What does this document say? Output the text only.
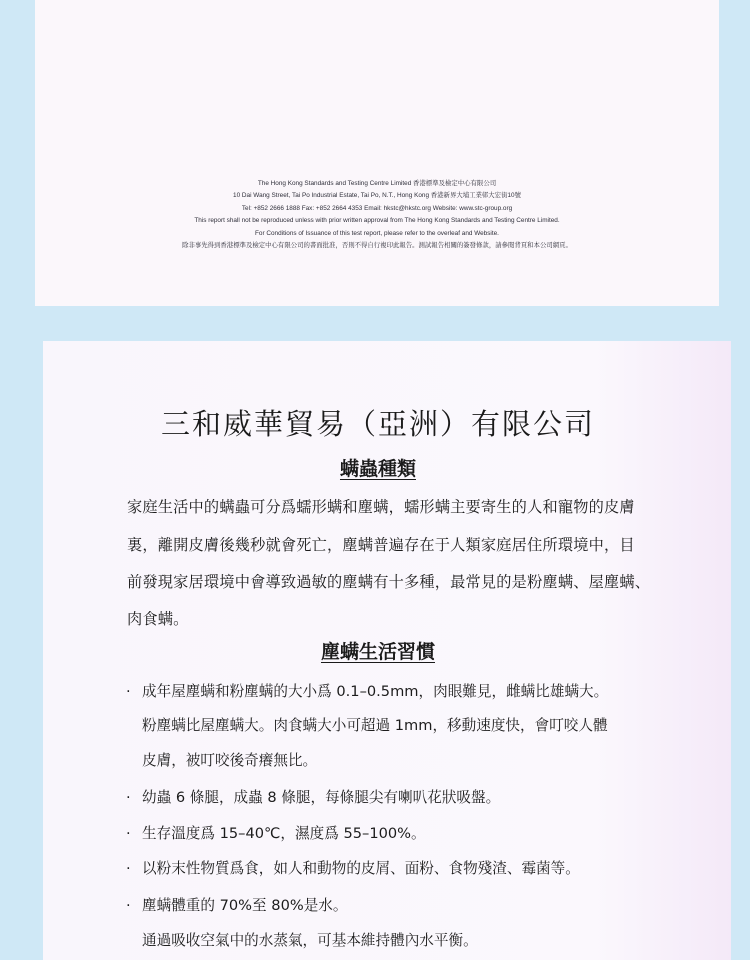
The Hong Kong Standards and Testing Centre Limited 香港標準及檢定中心有限公司
10 Dai Wang Street, Tai Po Industrial Estate, Tai Po, N.T., Hong Kong 香港新界大埔工業邨大宏街10號
Tel: +852 2666 1888 Fax: +852 2664 4353 Email: hkstc@hkstc.org Website: www.stc-group.org
This report shall not be reproduced unless with prior written approval from The Hong Kong Standards and Testing Centre Limited.
For Conditions of Issuance of this test report, please refer to the overleaf and Website.
除非事先得到香港標準及檢定中心有限公司的書面批准，否則不得自行複印此報告。測試報告相關的簽發條款，請參閱背頁和本公司網頁。
三和威華貿易（亞洲）有限公司
螨蟲種類
家庭生活中的螨蟲可分爲蠕形螨和塵螨，蠕形螨主要寄生的人和寵物的皮膚
裏，離開皮膚後幾秒就會死亡，塵螨普遍存在于人類家庭居住所環境中，目
前發現家居環境中會導致過敏的塵螨有十多種，最常見的是粉塵螨、屋塵螨、
肉食螨。
塵螨生活習慣
· 成年屋塵螨和粉塵螨的大小爲 0.1–0.5mm，肉眼難見，雌螨比雄螨大。
粉塵螨比屋塵螨大。肉食螨大小可超過 1mm，移動速度快，會叮咬人體
皮膚，被叮咬後奇癢無比。
· 幼蟲 6 條腿，成蟲 8 條腿，每條腿尖有喇叭花狀吸盤。
· 生存溫度爲 15–40℃，濕度爲 55–100%。
· 以粉末性物質爲食，如人和動物的皮屑、面粉、食物殘渣、霉菌等。
· 塵螨體重的 70%至 80%是水。
通過吸收空氣中的水蒸氣，可基本維持體內水平衡。
